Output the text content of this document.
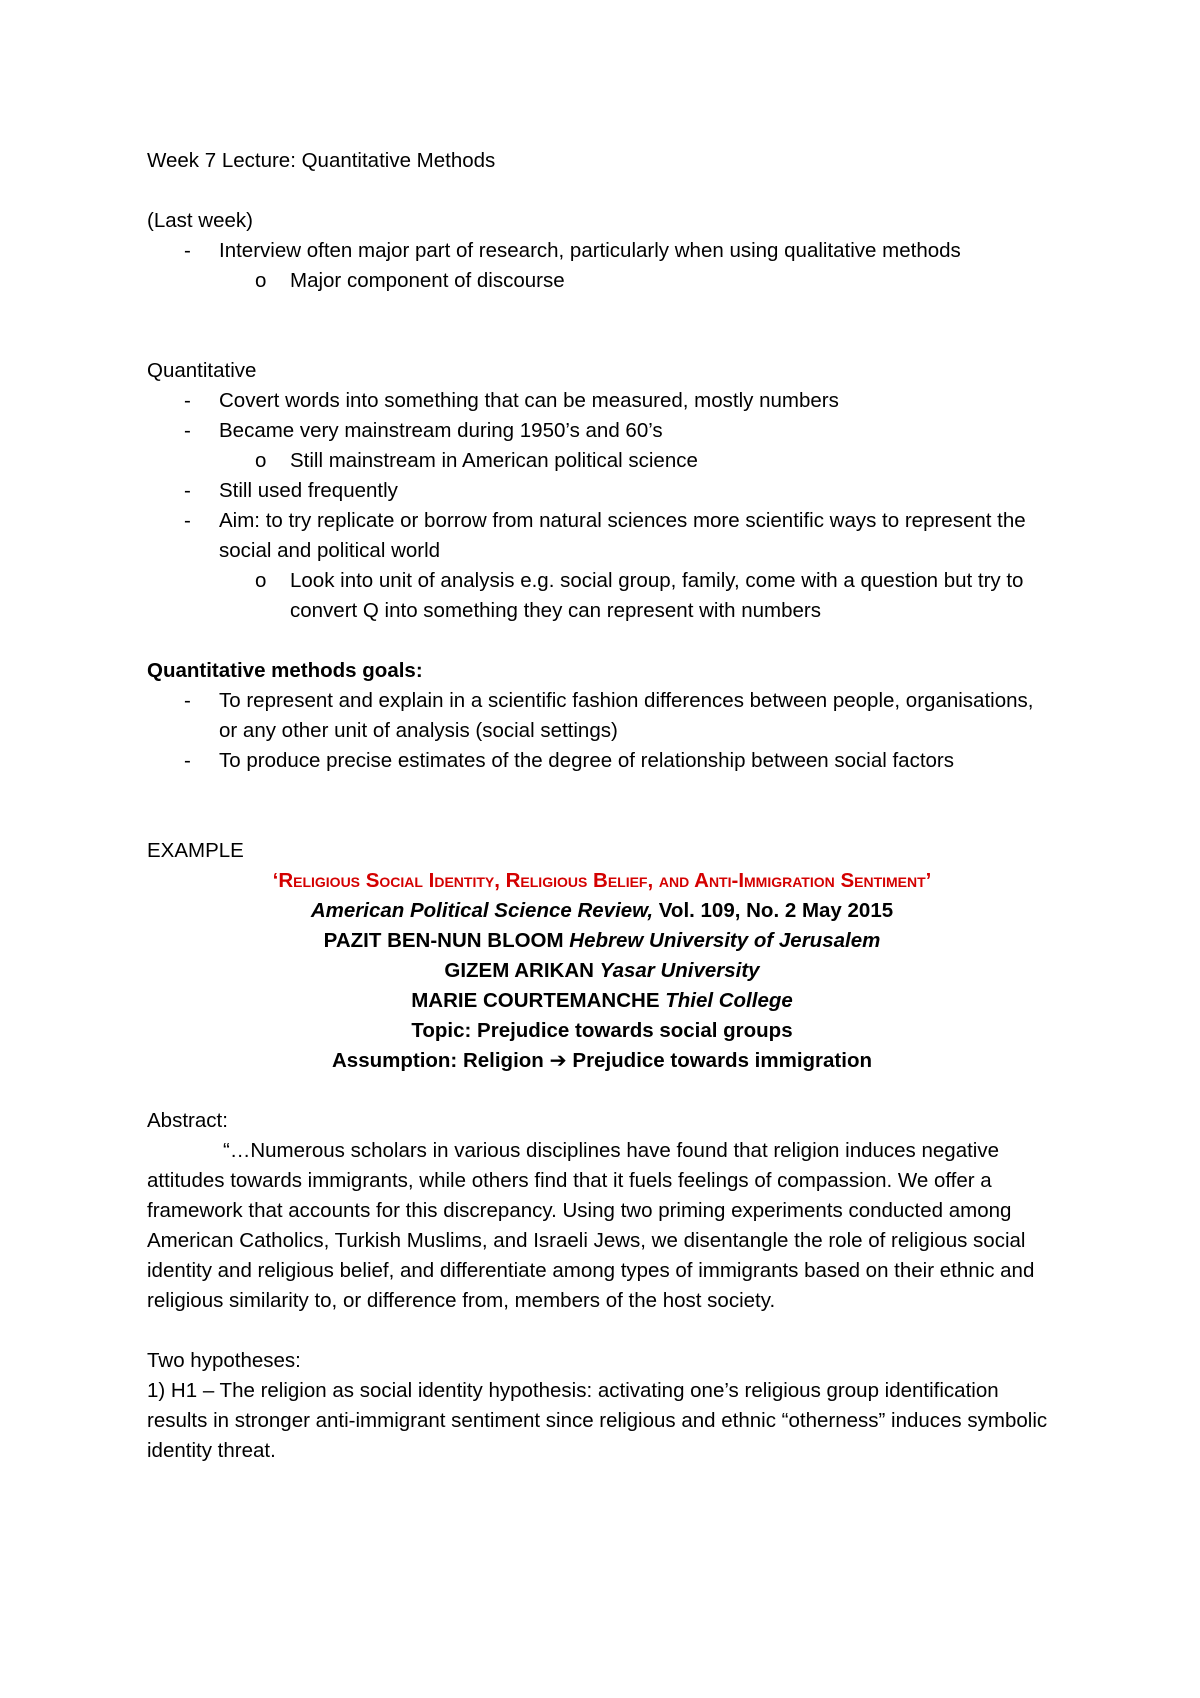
Week 7 Lecture: Quantitative Methods

(Last week)

-	Interview often major part of research, particularly when using qualitative methods
o	Major component of discourse

Quantitative

-	Covert words into something that can be measured, mostly numbers
-	Became very mainstream during 1950’s and 60’s
o	Still mainstream in American political science
-	Still used frequently
-	Aim: to try replicate or borrow from natural sciences more scientific ways to represent the social and political world
o	Look into unit of analysis e.g. social group, family, come with a question but try to convert Q into something they can represent with numbers

Quantitative methods goals:

-	To represent and explain in a scientific fashion differences between people, organisations, or any other unit of analysis (social settings)
-	To produce precise estimates of the degree of relationship between social factors

EXAMPLE

‘Religious Social Identity, Religious Belief, and Anti-Immigration Sentiment’

American Political Science Review, Vol. 109, No. 2 May 2015

PAZIT BEN-NUN BLOOM Hebrew University of Jerusalem

GIZEM ARIKAN Yasar University

MARIE COURTEMANCHE Thiel College

Topic: Prejudice towards social groups

Assumption: Religion ➔ Prejudice towards immigration

Abstract:

“…Numerous scholars in various disciplines have found that religion induces negative attitudes towards immigrants, while others find that it fuels feelings of compassion. We offer a framework that accounts for this discrepancy. Using two priming experiments conducted among American Catholics, Turkish Muslims, and Israeli Jews, we disentangle the role of religious social identity and religious belief, and differentiate among types of immigrants based on their ethnic and religious similarity to, or difference from, members of the host society.

Two hypotheses:

1) H1 – The religion as social identity hypothesis: activating one’s religious group identification results in stronger anti-immigrant sentiment since religious and ethnic “otherness” induces symbolic identity threat.
